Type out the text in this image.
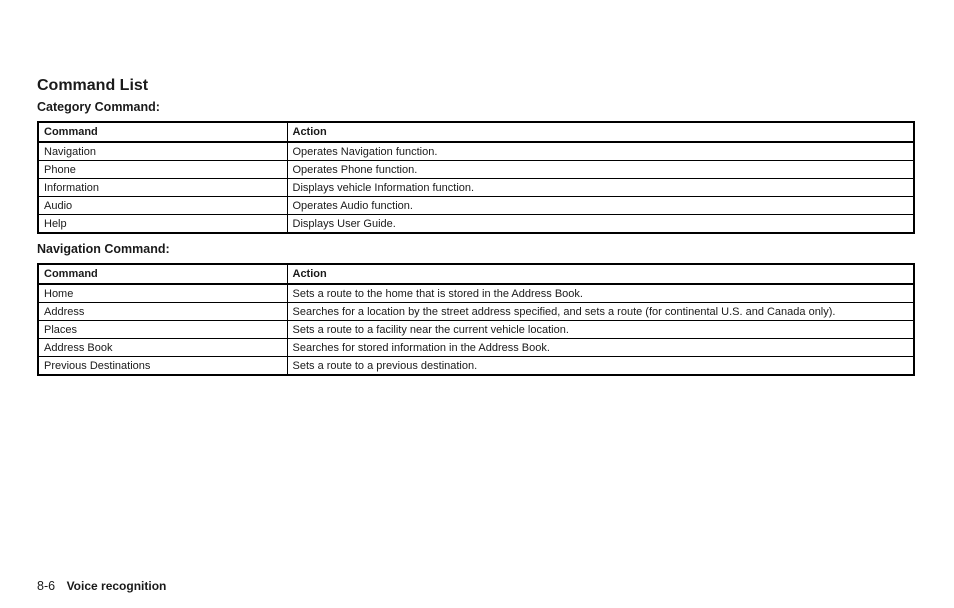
Command List
Category Command:
Command	Action
Navigation	Operates Navigation function.
Phone	Operates Phone function.
Information	Displays vehicle Information function.
Audio	Operates Audio function.
Help	Displays User Guide.
Navigation Command:
Command	Action
Home	Sets a route to the home that is stored in the Address Book.
Address	Searches for a location by the street address specified, and sets a route (for continental U.S. and Canada only).
Places	Sets a route to a facility near the current vehicle location.
Address Book	Searches for stored information in the Address Book.
Previous Destinations	Sets a route to a previous destination.
8-6 Voice recognition
